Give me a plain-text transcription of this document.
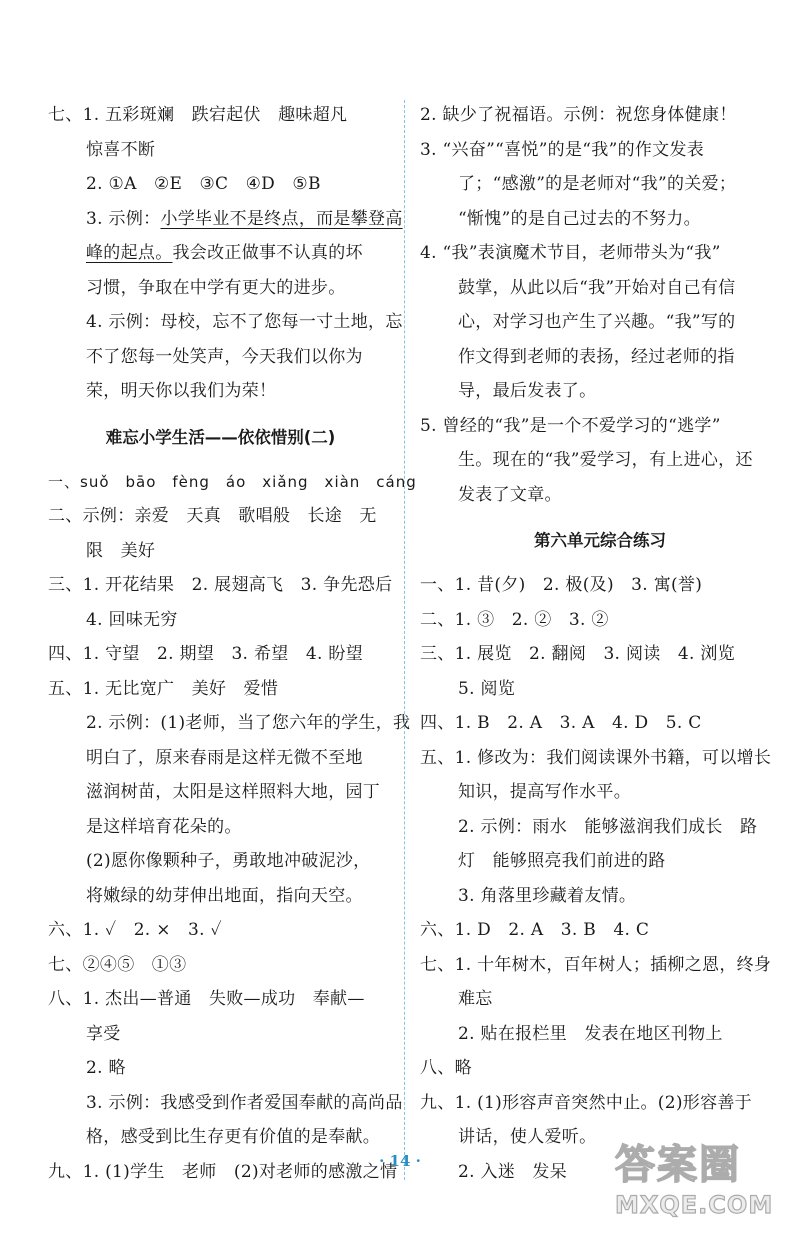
七、1. 五彩斑斓　跌宕起伏　趣味超凡
惊喜不断
2. ①A　②E　③C　④D　⑤B
3. 示例：小学毕业不是终点，而是攀登高
峰的起点。我会改正做事不认真的坏
习惯，争取在中学有更大的进步。
4. 示例：母校，忘不了您每一寸土地，忘
不了您每一处笑声，今天我们以你为
荣，明天你以我们为荣！
难忘小学生活——依依惜别(二)
一、suǒ　bāo　fèng　áo　xiǎng　xiàn　cáng
二、示例：亲爱　天真　歌唱般　长途　无
限　美好
三、1. 开花结果　2. 展翅高飞　3. 争先恐后
4. 回味无穷
四、1. 守望　2. 期望　3. 希望　4. 盼望
五、1. 无比宽广　美好　爱惜
2. 示例：(1)老师，当了您六年的学生，我
明白了，原来春雨是这样无微不至地
滋润树苗，太阳是这样照料大地，园丁
是这样培育花朵的。
(2)愿你像颗种子，勇敢地冲破泥沙，
将嫩绿的幼芽伸出地面，指向天空。
六、1. ✓　2. ×　3. ✓
七、②④⑤　①③
八、1. 杰出—普通　失败—成功　奉献—
享受
2. 略
3. 示例：我感受到作者爱国奉献的高尚品
格，感受到比生存更有价值的是奉献。
九、1. (1)学生　老师　(2)对老师的感激之情
2. 缺少了祝福语。示例：祝您身体健康！
3. “兴奋”“喜悦”的是“我”的作文发表
了；“感激”的是老师对“我”的关爱；
“惭愧”的是自己过去的不努力。
4. “我”表演魔术节目，老师带头为“我”
鼓掌，从此以后“我”开始对自己有信
心，对学习也产生了兴趣。“我”写的
作文得到老师的表扬，经过老师的指
导，最后发表了。
5. 曾经的“我”是一个不爱学习的“逃学”
生。现在的“我”爱学习，有上进心，还
发表了文章。
第六单元综合练习
一、1. 昔(夕)　2. 极(及)　3. 寓(誉)
二、1. ③　2. ②　3. ②
三、1. 展览　2. 翻阅　3. 阅读　4. 浏览
5. 阅览
四、1. B　2. A　3. A　4. D　5. C
五、1. 修改为：我们阅读课外书籍，可以增长
知识，提高写作水平。
2. 示例：雨水　能够滋润我们成长　路
灯　能够照亮我们前进的路
3. 角落里珍藏着友情。
六、1. D　2. A　3. B　4. C
七、1. 十年树木，百年树人；插柳之恩，终身
难忘
2. 贴在报栏里　发表在地区刊物上
八、略
九、1. (1)形容声音突然中止。(2)形容善于
讲话，使人爱听。
2. 入迷　发呆
· 14 ·	答案圈
MXQE.COM
